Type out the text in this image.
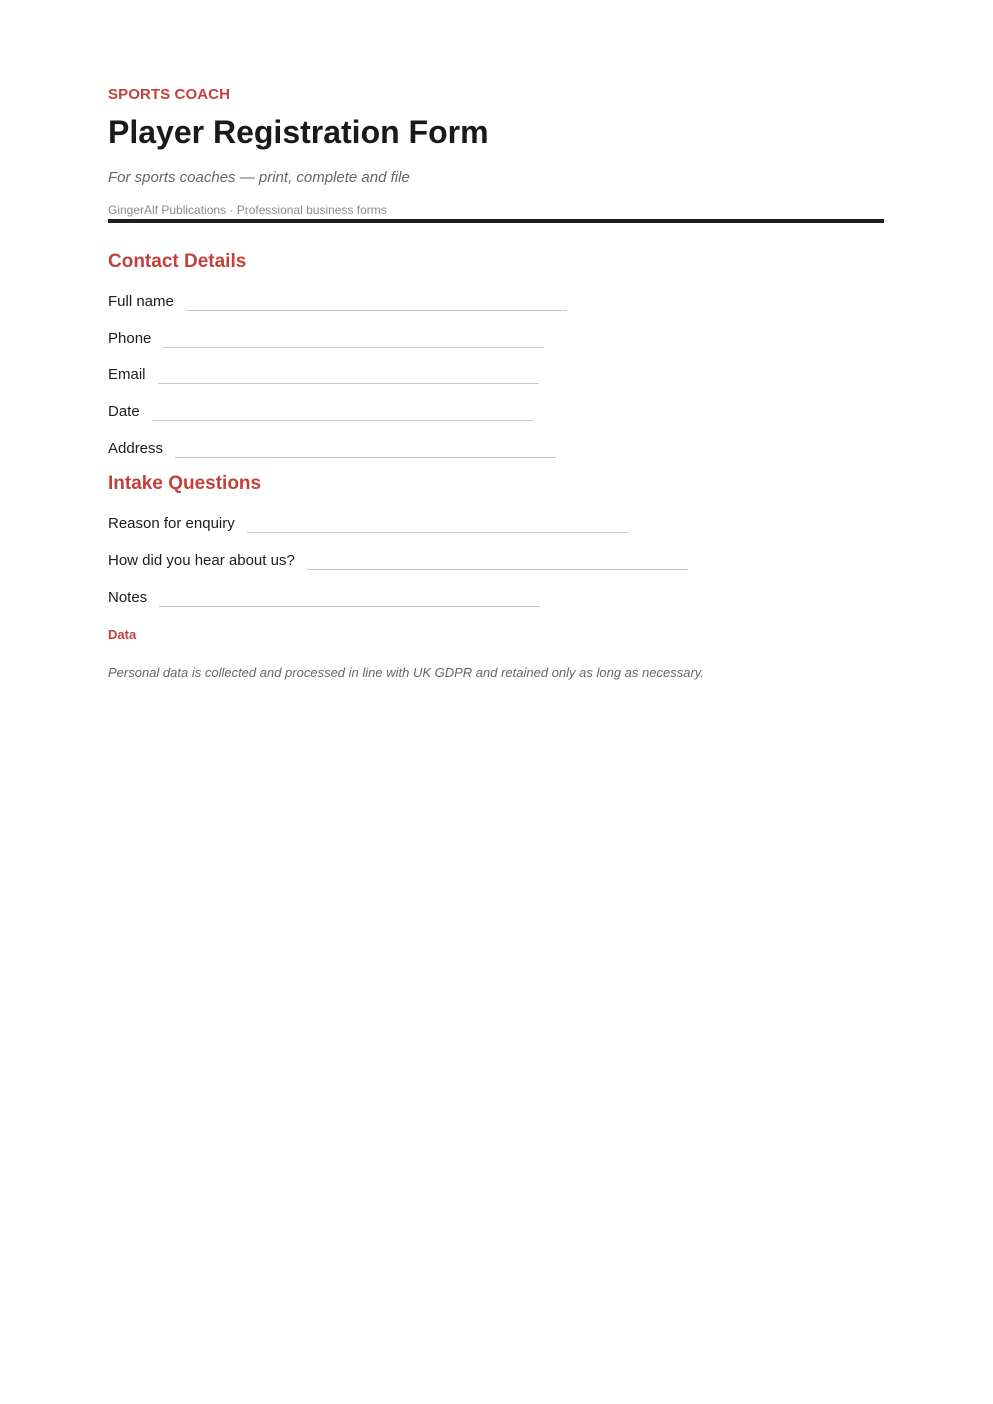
SPORTS COACH
Player Registration Form
For sports coaches — print, complete and file
GingerAlf Publications · Professional business forms
Contact Details
Full name
Phone
Email
Date
Address
Intake Questions
Reason for enquiry
How did you hear about us?
Notes
Data
Personal data is collected and processed in line with UK GDPR and retained only as long as necessary.
